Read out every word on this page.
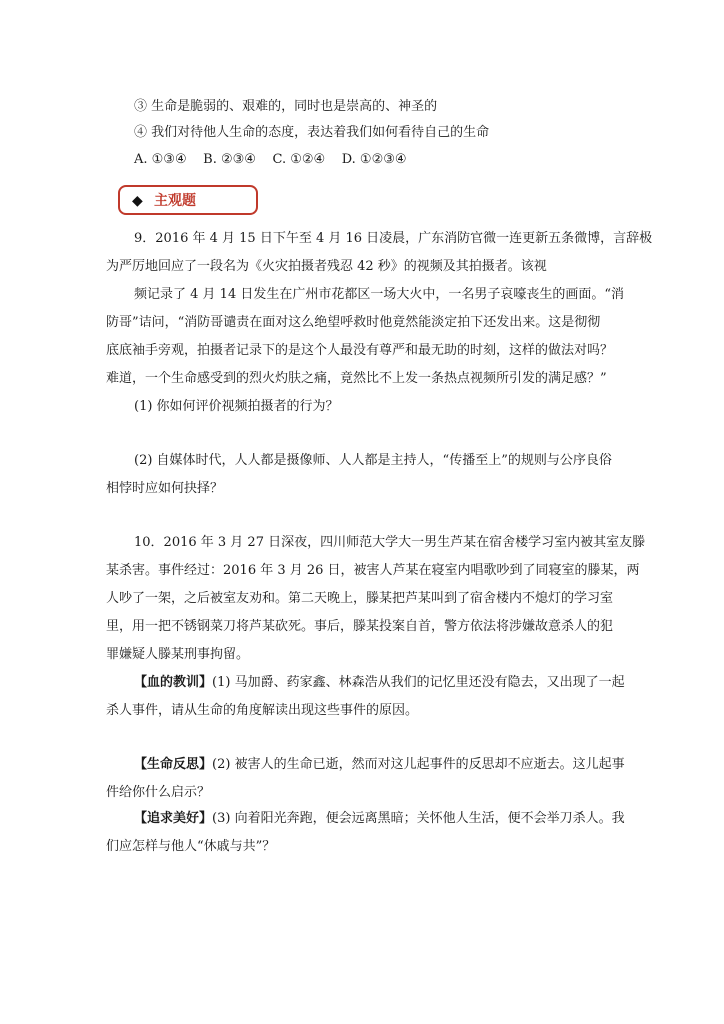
③ 生命是脆弱的、艰难的，同时也是崇高的、神圣的
④ 我们对待他人生命的态度，表达着我们如何看待自己的生命
A. ①③④    B. ②③④    C. ①②④    D. ①②③④
◆ 主观题
9．2016 年 4 月 15 日下午至 4 月 16 日凌晨，广东消防官微一连更新五条微博，言辞极
为严厉地回应了一段名为《火灾拍摄者残忍 42 秒》的视频及其拍摄者。该视
频记录了 4 月 14 日发生在广州市花都区一场大火中，一名男子哀嚎丧生的画面。“消
防哥”诘问，“消防哥谴责在面对这么绝望呼救时他竟然能淡定拍下还发出来。这是彻彻
底底袖手旁观，拍摄者记录下的是这个人最没有尊严和最无助的时刻，这样的做法对吗？
难道，一个生命感受到的烈火灼肤之痛，竟然比不上发一条热点视频所引发的满足感？”
(1) 你如何评价视频拍摄者的行为？
(2) 自媒体时代，人人都是摄像师、人人都是主持人，“传播至上”的规则与公序良俗
相悖时应如何抉择？
10．2016 年 3 月 27 日深夜，四川师范大学大一男生芦某在宿舍楼学习室内被其室友滕
某杀害。事件经过：2016 年 3 月 26 日，被害人芦某在寝室内唱歌吵到了同寝室的滕某，两
人吵了一架，之后被室友劝和。第二天晚上，滕某把芦某叫到了宿舍楼内不熄灯的学习室
里，用一把不锈钢菜刀将芦某砍死。事后，滕某投案自首，警方依法将涉嫌故意杀人的犯
罪嫌疑人滕某刑事拘留。
【血的教训】(1) 马加爵、药家鑫、林森浩从我们的记忆里还没有隐去，又出现了一起
杀人事件，请从生命的角度解读出现这些事件的原因。
【生命反思】(2) 被害人的生命已逝，然而对这儿起事件的反思却不应逝去。这儿起事
件给你什么启示？
【追求美好】(3) 向着阳光奔跑，便会远离黑暗；关怀他人生活，便不会举刀杀人。我
们应怎样与他人“休戚与共”？
